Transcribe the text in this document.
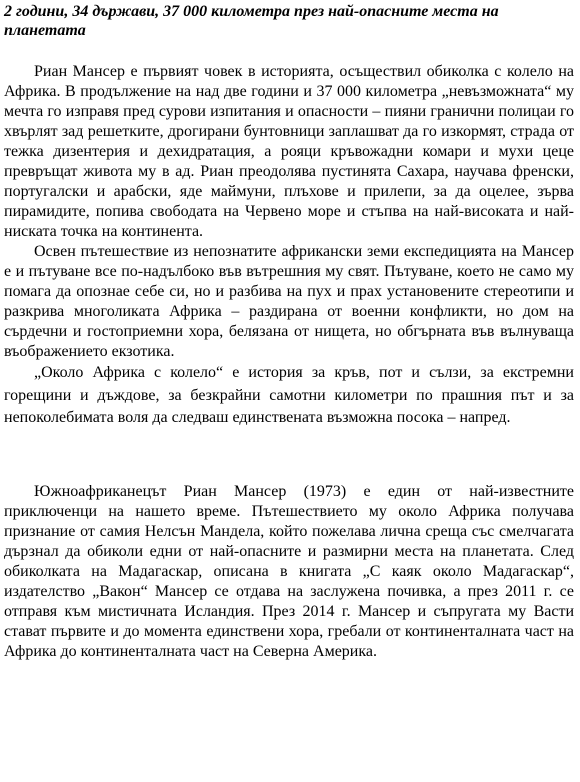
2 години, 34 държави, 37 000 километра през най-опасните места на планетата

Риан Мансер е първият човек в историята, осъществил обиколка с колело на Африка. В продължение на над две години и 37 000 километра „невъзможната“ му мечта го изправя пред сурови изпитания и опасности – пияни гранични полицаи го хвърлят зад решетките, дрогирани бунтовници заплашват да го изкормят, страда от тежка дизентерия и дехидратация, а рояци кръвожадни комари и мухи цеце превръщат живота му в ад. Риан преодолява пустинята Сахара, научава френски, португалски и арабски, яде маймуни, плъхове и прилепи, за да оцелее, зърва пирамидите, попива свободата на Червено море и стъпва на най-високата и най-ниската точка на континента.

Освен пътешествие из непознатите африкански земи експедицията на Мансер е и пътуване все по-надълбоко във вътрешния му свят. Пътуване, което не само му помага да опознае себе си, но и разбива на пух и прах установените стереотипи и разкрива многоликата Африка – раздирана от военни конфликти, но дом на сърдечни и гостоприемни хора, белязана от нищета, но обгърната във вълнуваща въображението екзотика.

„Около Африка с колело“ е история за кръв, пот и сълзи, за екстремни горещини и дъждове, за безкрайни самотни километри по прашния път и за непоколебимата воля да следваш единствената възможна посока – напред.

Южноафриканецът Риан Мансер (1973) е един от най-известните приключенци на нашето време. Пътешествието му около Африка получава признание от самия Нелсън Мандела, който пожелава лична среща със смелчагата дързнал да обиколи едни от най-опасните и размирни места на планетата. След обиколката на Мадагаскар, описана в книгата „С каяк около Мадагаскар“, издателство „Вакон“ Мансер се отдава на заслужена почивка, а през 2011 г. се отправя към мистичната Исландия. През 2014 г. Мансер и съпругата му Васти стават първите и до момента единствени хора, гребали от континенталната част на Африка до континенталната част на Северна Америка.
